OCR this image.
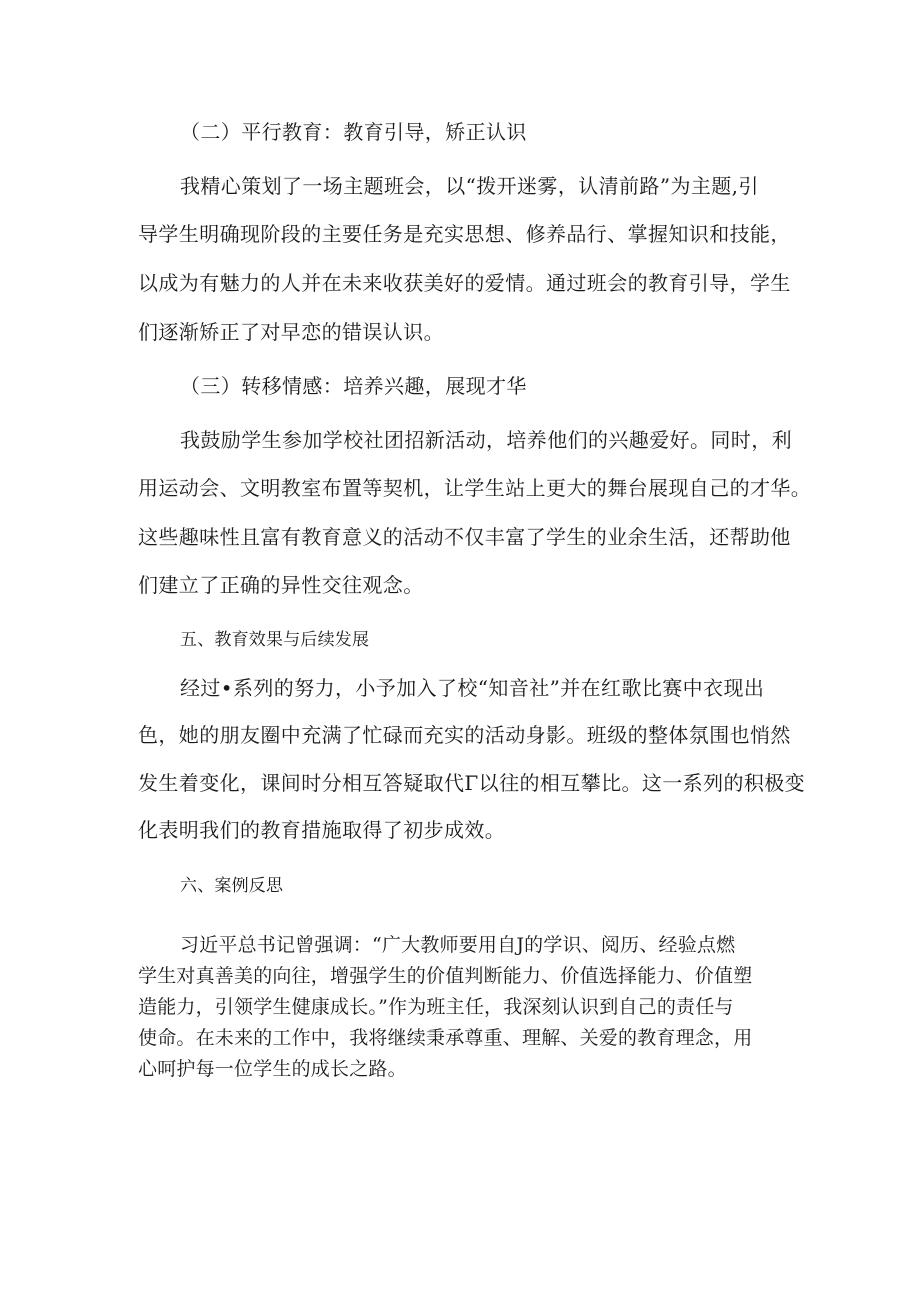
（二）平行教育：教育引导，矫正认识
我精心策划了一场主题班会，以“拨开迷雾，认清前路”为主题,引
导学生明确现阶段的主要任务是充实思想、修养品行、掌握知识和技能，
以成为有魅力的人并在未来收获美好的爱情。通过班会的教育引导，学生
们逐渐矫正了对早恋的错误认识。
（三）转移情感：培养兴趣，展现才华
我鼓励学生参加学校社团招新活动，培养他们的兴趣爱好。同时，利
用运动会、文明教室布置等契机，让学生站上更大的舞台展现自己的才华。
这些趣味性且富有教育意义的活动不仅丰富了学生的业余生活，还帮助他
们建立了正确的异性交往观念。
五、教育效果与后续发展
经过•系列的努力，小予加入了校“知音社”并在红歌比赛中衣现出
色，她的朋友圈中充满了忙碌而充实的活动身影。班级的整体氛围也悄然
发生着变化，课间时分相互答疑取代Γ以往的相互攀比。这一系列的积极变
化表明我们的教育措施取得了初步成效。
六、案例反思
习近平总书记曾强调：“广大教师要用自J的学识、阅历、经验点燃
学生对真善美的向往，增强学生的价值判断能力、价值选择能力、价值塑
造能力，引领学生健康成长。”作为班主任，我深刻认识到自己的责任与
使命。在未来的工作中，我将继续秉承尊重、理解、关爱的教育理念，用
心呵护每一位学生的成长之路。
